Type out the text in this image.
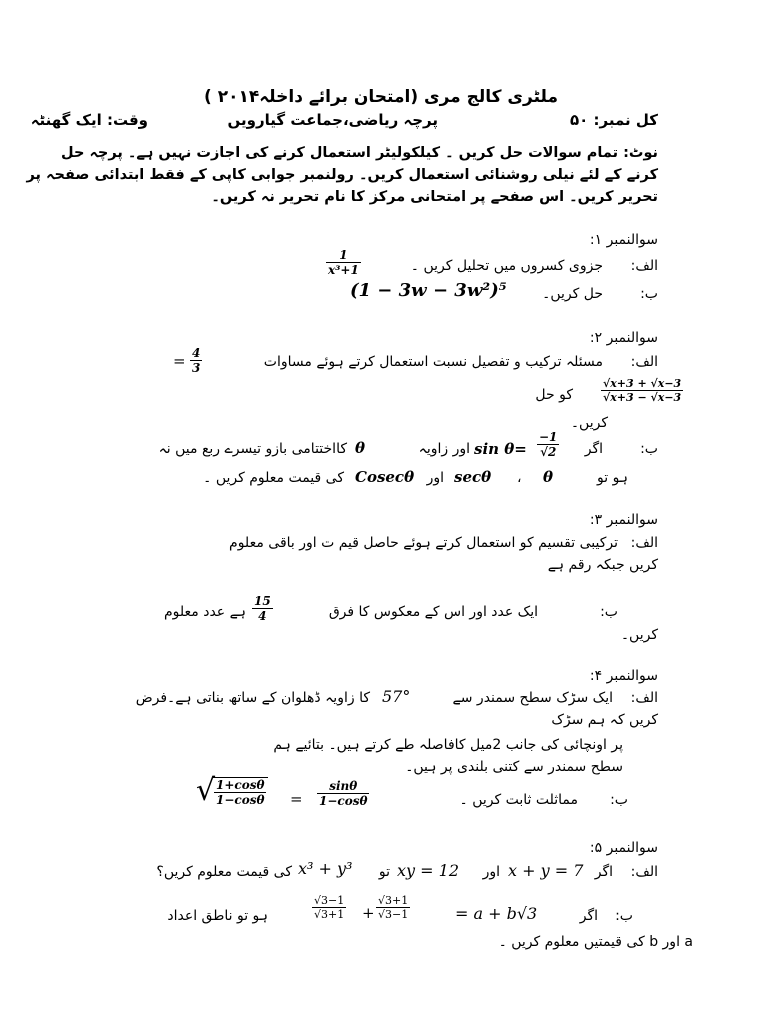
ملٹری کالج مری (امتحان برائے داخلہ۲۰۱۴ )
کل نمبر: ۵۰
پرچہ ریاضی،جماعت گیارویں
وقت: ایک گھنٹہ
نوٹ: تمام سوالات حل کریں ۔ کیلکولیٹر استعمال کرنے کی اجازت نہیں ہے۔ پرچہ حل
کرنے کے لئے نیلی روشنائی استعمال کریں۔ رولنمبر جوابی کاپی کے فقط ابتدائی صفحہ پر
تحریر کریں۔ اس صفحے پر امتحانی مرکز کا نام تحریر نہ کریں۔
سوالنمبر ۱:
الف:
جزوی کسروں میں تحلیل کریں ۔
$\frac{1}{\text{x³+1}}$
ب:
حل کریں۔
(1 − 3w − 3w²)⁵
سوالنمبر ۲:
الف:
مسئلہ ترکیب و تفصیل نسبت استعمال کرتے ہوئے مساوات
= $\frac{4}{3}$
کو حل	$\frac{√x+3 + √x-3}{√x+3 - √x-3}$
کریں۔
ب:
اگر
$\frac{-1}{√2}$
sin θ=
اور زاویہ
θ
کااختتامی بازو تیسرے ربع میں نہ
ہو تو
θ
،
secθ
اور
Cosecθ
کی قیمت معلوم کریں ۔
سوالنمبر ۳:
الف:
ترکیبی تقسیم کو استعمال کرتے ہوئے حاصل قیم ت اور باقی معلوم
کریں جبکہ رقم ہے
ب:
ایک عدد اور اس کے معکوس کا فرق
$\frac{15}{4}$
ہے عدد معلوم
کریں۔
سوالنمبر ۴:
الف:
ایک سڑک سطح سمندر سے
57°
کا زاویہ ڈھلوان کے ساتھ بناتی ہے۔فرض
کریں کہ ہم سڑک
پر اونچائی کی جانب 2میل کافاصلہ طے کرتے ہیں۔ بتائیے ہم
سطح سمندر سے کتنی بلندی پر ہیں۔
ب:
مماثلت ثابت کریں ۔
√
$\frac{1+\cos\theta}{1-\cos\theta} = \frac{\sin\theta}{1-\cos\theta}$
سوالنمبر ۵:
الف:
اگر
x + y = 7
اور
xy = 12
تو
x³ + y³
کی قیمت معلوم کریں؟
ب:
اگر
= a + b√3
$\frac{√3-1}{√3+1} + \frac{√3+1}{√3-1}$
ہو تو ناطق اعداد
a اور b کی قیمتیں معلوم کریں ۔
